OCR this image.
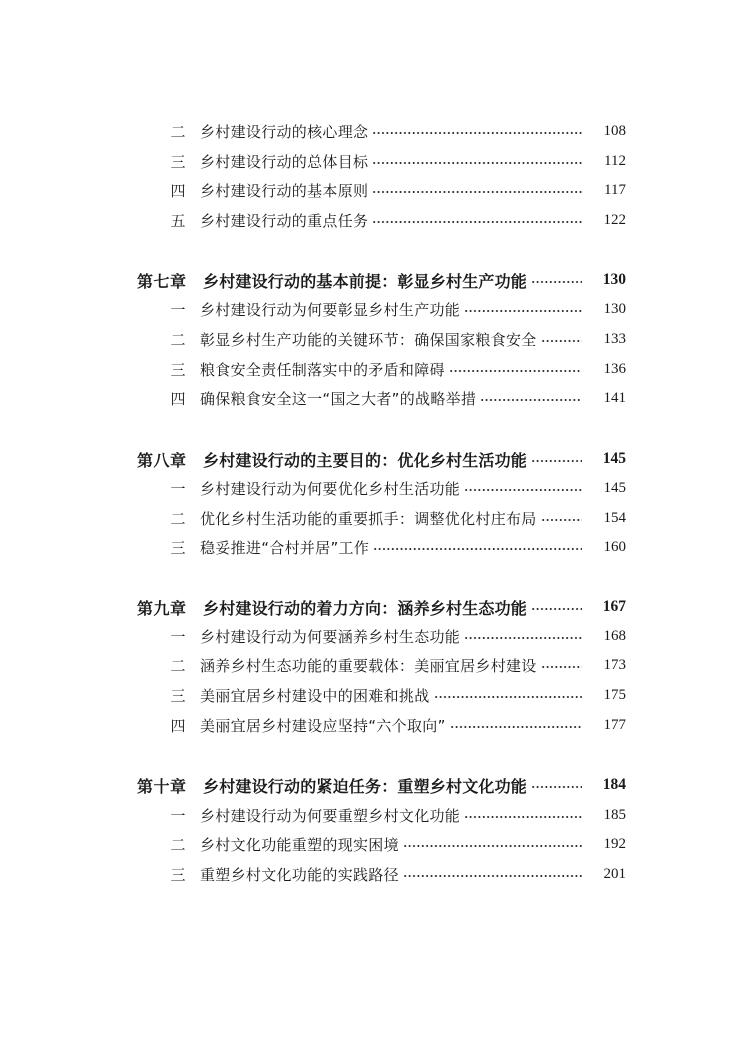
二 乡村建设行动的核心理念	108
三 乡村建设行动的总体目标	112
四 乡村建设行动的基本原则	117
五 乡村建设行动的重点任务	122
第七章 乡村建设行动的基本前提：彰显乡村生产功能	130
一 乡村建设行动为何要彰显乡村生产功能	130
二 彰显乡村生产功能的关键环节：确保国家粮食安全	133
三 粮食安全责任制落实中的矛盾和障碍	136
四 确保粮食安全这一“国之大者”的战略举措	141
第八章 乡村建设行动的主要目的：优化乡村生活功能	145
一 乡村建设行动为何要优化乡村生活功能	145
二 优化乡村生活功能的重要抓手：调整优化村庄布局	154
三 稳妥推进“合村并居”工作	160
第九章 乡村建设行动的着力方向：涵养乡村生态功能	167
一 乡村建设行动为何要涵养乡村生态功能	168
二 涵养乡村生态功能的重要载体：美丽宜居乡村建设	173
三 美丽宜居乡村建设中的困难和挑战	175
四 美丽宜居乡村建设应坚持“六个取向”	177
第十章 乡村建设行动的紧迫任务：重塑乡村文化功能	184
一 乡村建设行动为何要重塑乡村文化功能	185
二 乡村文化功能重塑的现实困境	192
三 重塑乡村文化功能的实践路径	201
